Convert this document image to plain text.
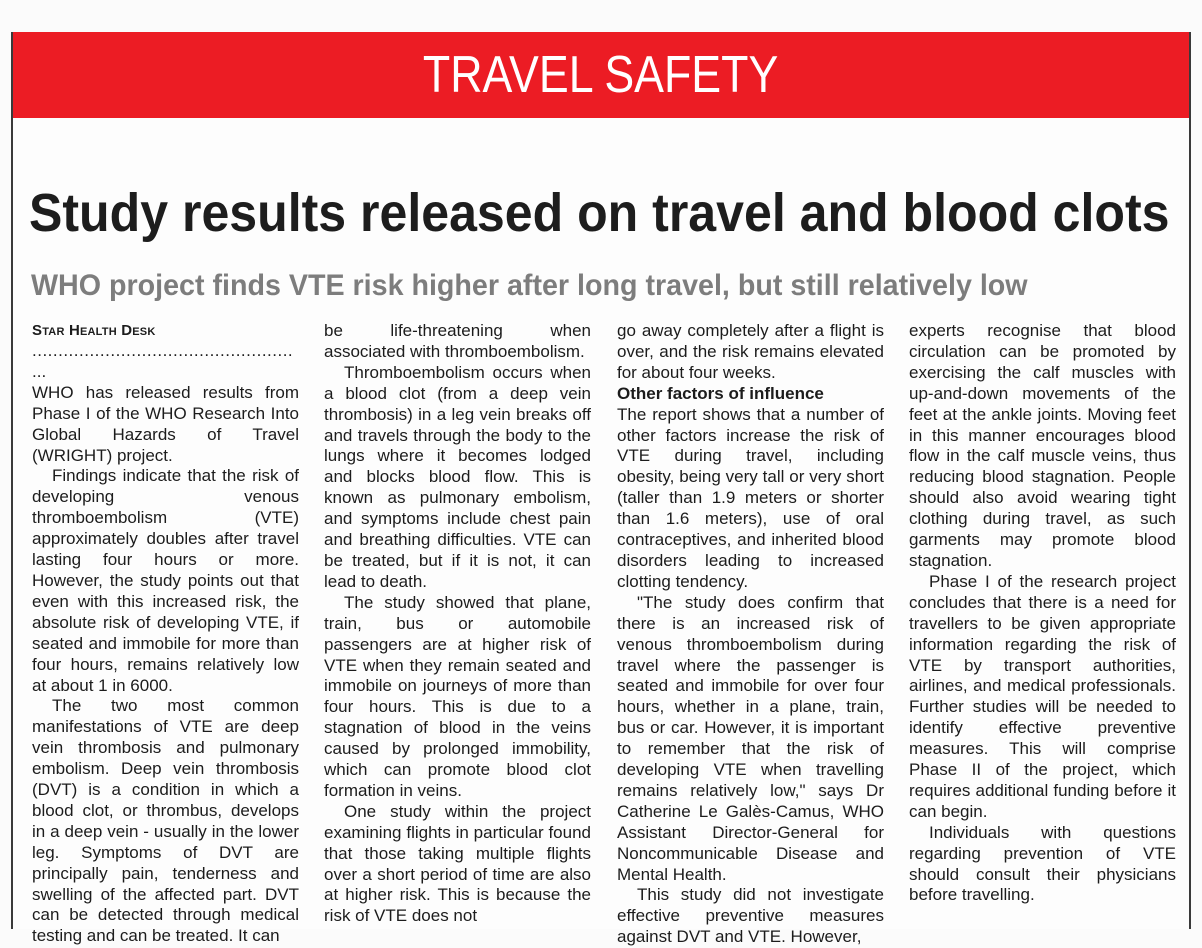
TRAVEL SAFETY
Study results released on travel and blood clots
WHO project finds VTE risk higher after long travel, but still relatively low

Star Health Desk

..................................................

...

WHO has released results from Phase I of the WHO Research Into Global Hazards of Travel (WRIGHT) project.

Findings indicate that the risk of developing venous thromboembolism (VTE) approximately doubles after travel lasting four hours or more. However, the study points out that even with this increased risk, the absolute risk of developing VTE, if seated and immobile for more than four hours, remains relatively low at about 1 in 6000.

The two most common manifestations of VTE are deep vein thrombosis and pulmonary embolism. Deep vein thrombosis (DVT) is a condition in which a blood clot, or thrombus, develops in a deep vein - usually in the lower leg. Symptoms of DVT are principally pain, tenderness and swelling of the affected part. DVT can be detected through medical testing and can be treated. It can

be life-threatening when associated with thromboembolism.

Thromboembolism occurs when a blood clot (from a deep vein thrombosis) in a leg vein breaks off and travels through the body to the lungs where it becomes lodged and blocks blood flow. This is known as pulmonary embolism, and symptoms include chest pain and breathing difficulties. VTE can be treated, but if it is not, it can lead to death.

The study showed that plane, train, bus or automobile passengers are at higher risk of VTE when they remain seated and immobile on journeys of more than four hours. This is due to a stagnation of blood in the veins caused by prolonged immobility, which can promote blood clot formation in veins.

One study within the project examining flights in particular found that those taking multiple flights over a short period of time are also at higher risk. This is because the risk of VTE does not

go away completely after a flight is over, and the risk remains elevated for about four weeks.

Other factors of influence

The report shows that a number of other factors increase the risk of VTE during travel, including obesity, being very tall or very short (taller than 1.9 meters or shorter than 1.6 meters), use of oral contraceptives, and inherited blood disorders leading to increased clotting tendency.

"The study does confirm that there is an increased risk of venous thromboembolism during travel where the passenger is seated and immobile for over four hours, whether in a plane, train, bus or car. However, it is important to remember that the risk of developing VTE when travelling remains relatively low," says Dr Catherine Le Galès-Camus, WHO Assistant Director-General for Noncommunicable Disease and Mental Health.

This study did not investigate effective preventive measures against DVT and VTE. However,

experts recognise that blood circulation can be promoted by exercising the calf muscles with up-and-down movements of the feet at the ankle joints. Moving feet in this manner encourages blood flow in the calf muscle veins, thus reducing blood stagnation. People should also avoid wearing tight clothing during travel, as such garments may promote blood stagnation.

Phase I of the research project concludes that there is a need for travellers to be given appropriate information regarding the risk of VTE by transport authorities, airlines, and medical professionals. Further studies will be needed to identify effective preventive measures. This will comprise Phase II of the project, which requires additional funding before it can begin.

Individuals with questions regarding prevention of VTE should consult their physicians before travelling.
